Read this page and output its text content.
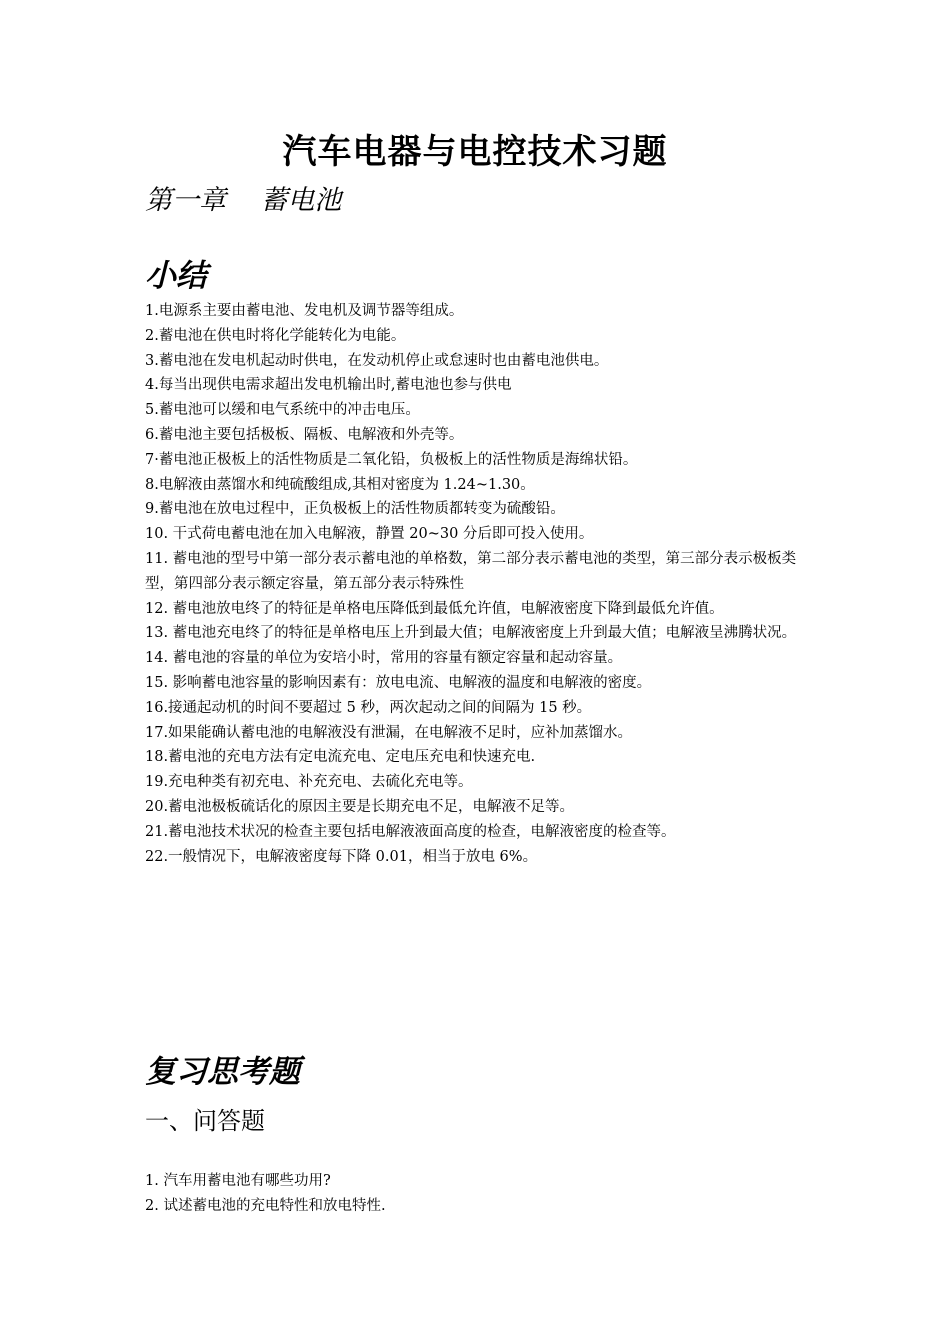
汽车电器与电控技术习题
第一章    蓄电池
小结
1.电源系主要由蓄电池、发电机及调节器等组成。
2.蓄电池在供电时将化学能转化为电能。
3.蓄电池在发电机起动时供电，在发动机停止或怠速时也由蓄电池供电。
4.每当出现供电需求超出发电机输出时,蓄电池也参与供电
5.蓄电池可以缓和电气系统中的冲击电压。
6.蓄电池主要包括极板、隔板、电解液和外壳等。
7·蓄电池正极板上的活性物质是二氧化铅，负极板上的活性物质是海绵状铅。
8.电解液由蒸馏水和纯硫酸组成,其相对密度为 1.24~1.30。
9.蓄电池在放电过程中，正负极板上的活性物质都转变为硫酸铅。
10. 干式荷电蓄电池在加入电解液，静置 20~30 分后即可投入使用。
11. 蓄电池的型号中第一部分表示蓄电池的单格数，第二部分表示蓄电池的类型，第三部分表示极板类型，第四部分表示额定容量，第五部分表示特殊性
12. 蓄电池放电终了的特征是单格电压降低到最低允许值，电解液密度下降到最低允许值。
13. 蓄电池充电终了的特征是单格电压上升到最大值；电解液密度上升到最大值；电解液呈沸腾状况。
14. 蓄电池的容量的单位为安培小时，常用的容量有额定容量和起动容量。
15. 影响蓄电池容量的影响因素有：放电电流、电解液的温度和电解液的密度。
16.接通起动机的时间不要超过 5 秒，两次起动之间的间隔为 15 秒。
17.如果能确认蓄电池的电解液没有泄漏，在电解液不足时，应补加蒸馏水。
18.蓄电池的充电方法有定电流充电、定电压充电和快速充电.
19.充电种类有初充电、补充充电、去硫化充电等。
20.蓄电池极板硫话化的原因主要是长期充电不足，电解液不足等。
21.蓄电池技术状况的检查主要包括电解液液面高度的检查，电解液密度的检查等。
22.一般情况下，电解液密度每下降 0.01，相当于放电 6%。
复习思考题
一、问答题
1. 汽车用蓄电池有哪些功用?
2. 试述蓄电池的充电特性和放电特性.
